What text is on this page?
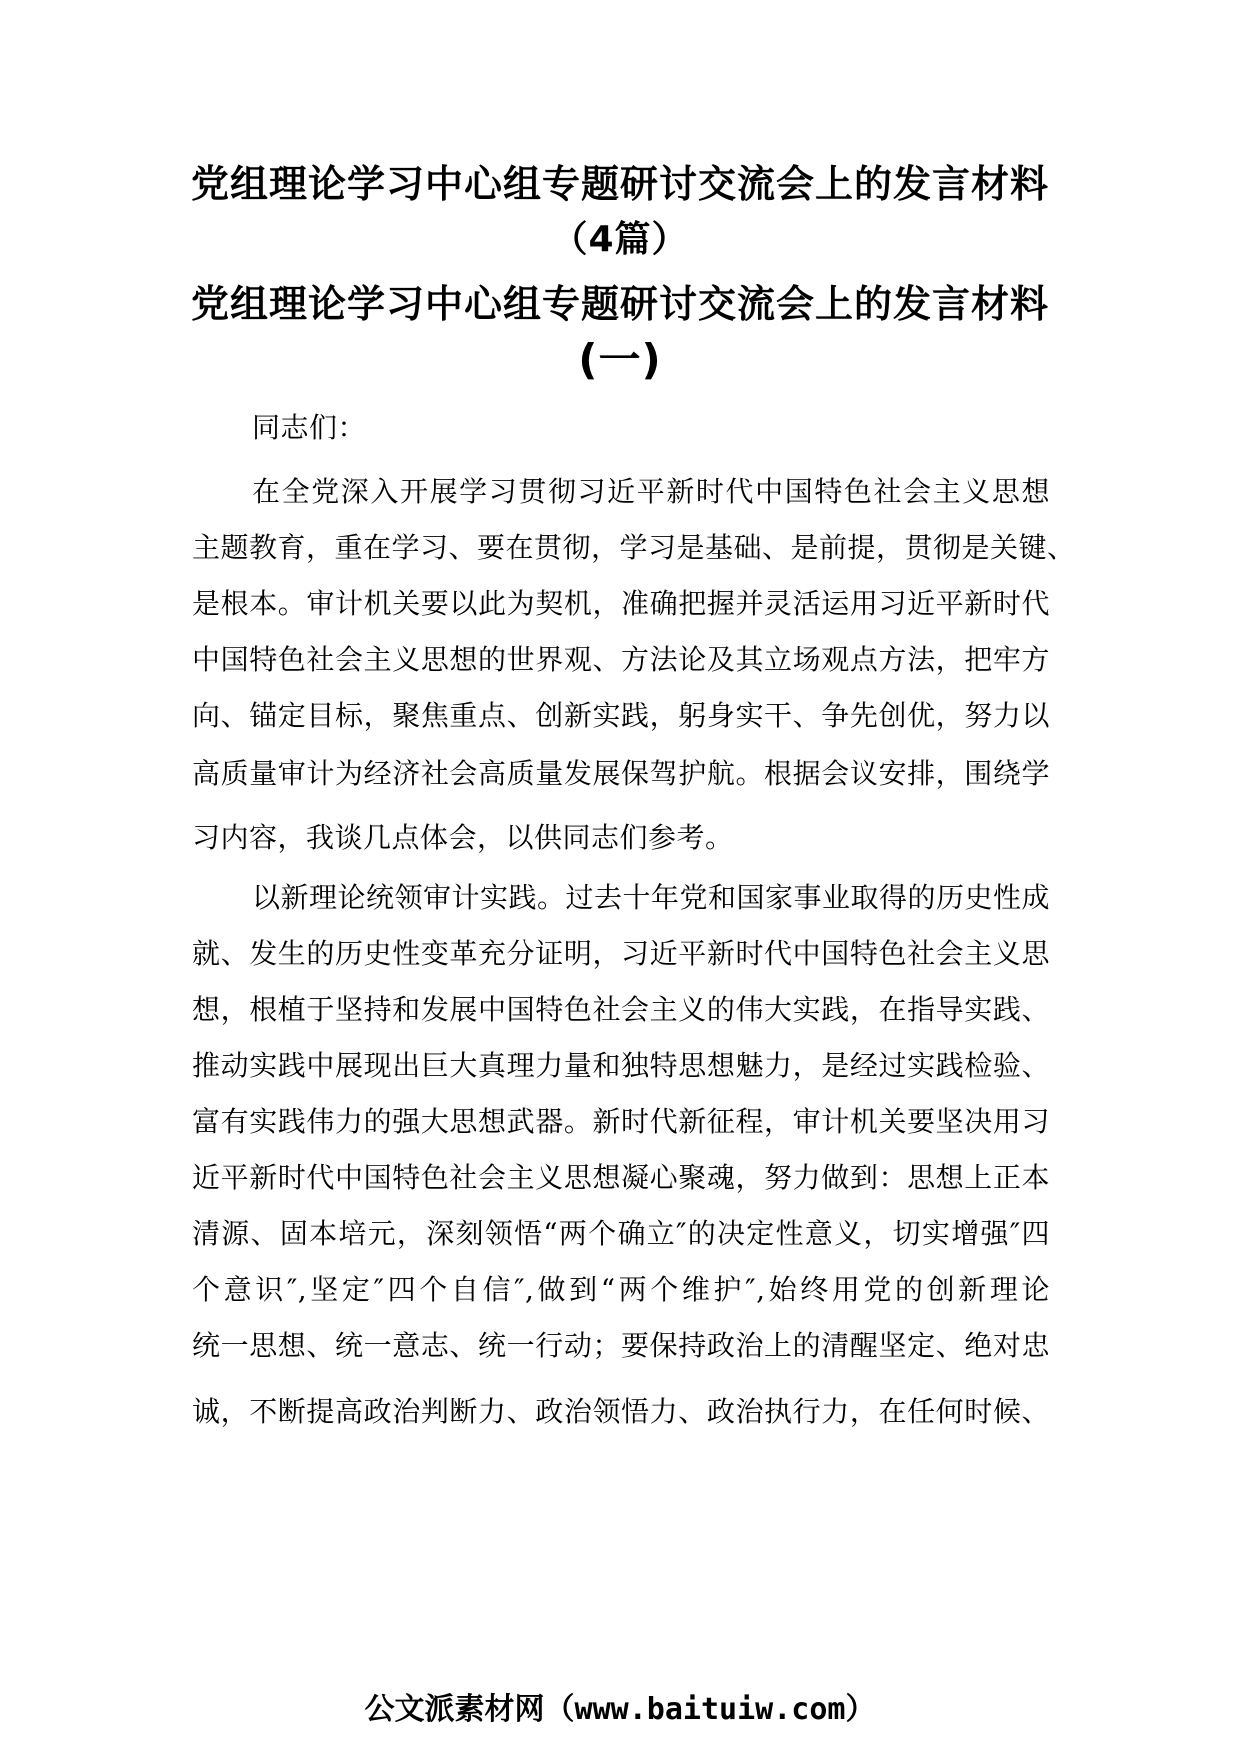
党组理论学习中心组专题研讨交流会上的发言材料
（4篇）
党组理论学习中心组专题研讨交流会上的发言材料
(一)
同志们：
在全党深入开展学习贯彻习近平新时代中国特色社会主义思想
主题教育，重在学习、要在贯彻，学习是基础、是前提，贯彻是关键、
是根本。审计机关要以此为契机，准确把握并灵活运用习近平新时代
中国特色社会主义思想的世界观、方法论及其立场观点方法，把牢方
向、锚定目标，聚焦重点、创新实践，躬身实干、争先创优，努力以
高质量审计为经济社会高质量发展保驾护航。根据会议安排，围绕学
习内容，我谈几点体会，以供同志们参考。
以新理论统领审计实践。过去十年党和国家事业取得的历史性成
就、发生的历史性变革充分证明，习近平新时代中国特色社会主义思
想，根植于坚持和发展中国特色社会主义的伟大实践，在指导实践、
推动实践中展现出巨大真理力量和独特思想魅力，是经过实践检验、
富有实践伟力的强大思想武器。新时代新征程，审计机关要坚决用习
近平新时代中国特色社会主义思想凝心聚魂，努力做到：思想上正本
清源、固本培元，深刻领悟“两个确立″的决定性意义，切实增强″四
个意识″,坚定″四个自信″,做到“两个维护″,始终用党的创新理论
统一思想、统一意志、统一行动；要保持政治上的清醒坚定、绝对忠
诚，不断提高政治判断力、政治领悟力、政治执行力，在任何时候、
公文派素材网（www.baituiw.com）
